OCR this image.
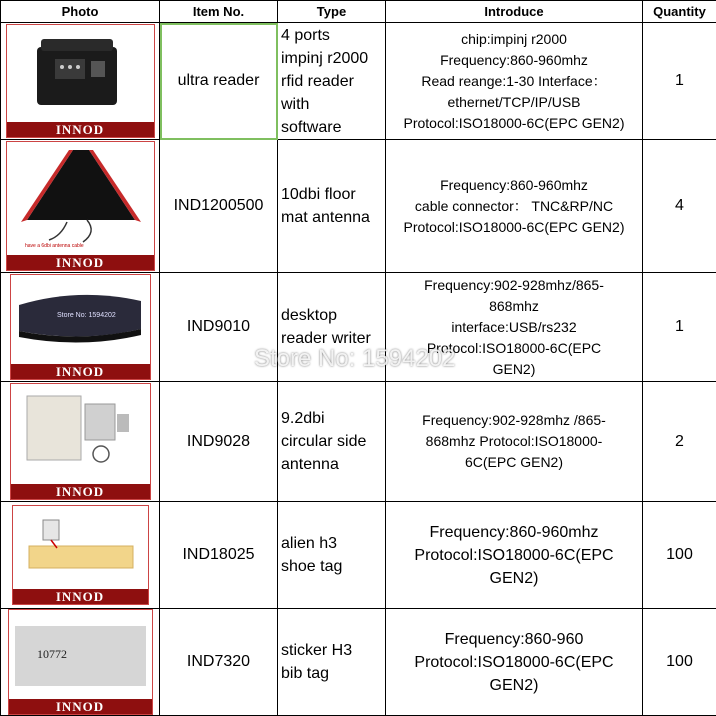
Photo	Item No.	Type	Introduce	Quantity

INNOD	ultra reader	4 ports
impinj r2000
rfid reader
with
software	chip:impinj r2000
Frequency:860-960mhz
Read reange:1-30 Interface：
ethernet/TCP/IP/USB
Protocol:ISO18000-6C(EPC GEN2)	1

have a 6dbi antenna cable
INNOD	IND1200500	10dbi floor
mat antenna	Frequency:860-960mhz
cable connector： TNC&RP/NC
Protocol:ISO18000-6C(EPC GEN2)	4

Store No: 1594202
INNOD	IND9010	desktop
reader writer	Frequency:902-928mhz/865-
868mhz
interface:USB/rs232
Protocol:ISO18000-6C(EPC
GEN2)	1

INNOD	IND9028	9.2dbi
circular side
antenna	Frequency:902-928mhz /865-
868mhz Protocol:ISO18000-
6C(EPC GEN2)	2

INNOD	IND18025	alien h3
shoe tag	Frequency:860-960mhz
Protocol:ISO18000-6C(EPC
GEN2)	100

10772
INNOD	IND7320	sticker H3
bib tag	Frequency:860-960
Protocol:ISO18000-6C(EPC
GEN2)	100
Store No: 1594202
